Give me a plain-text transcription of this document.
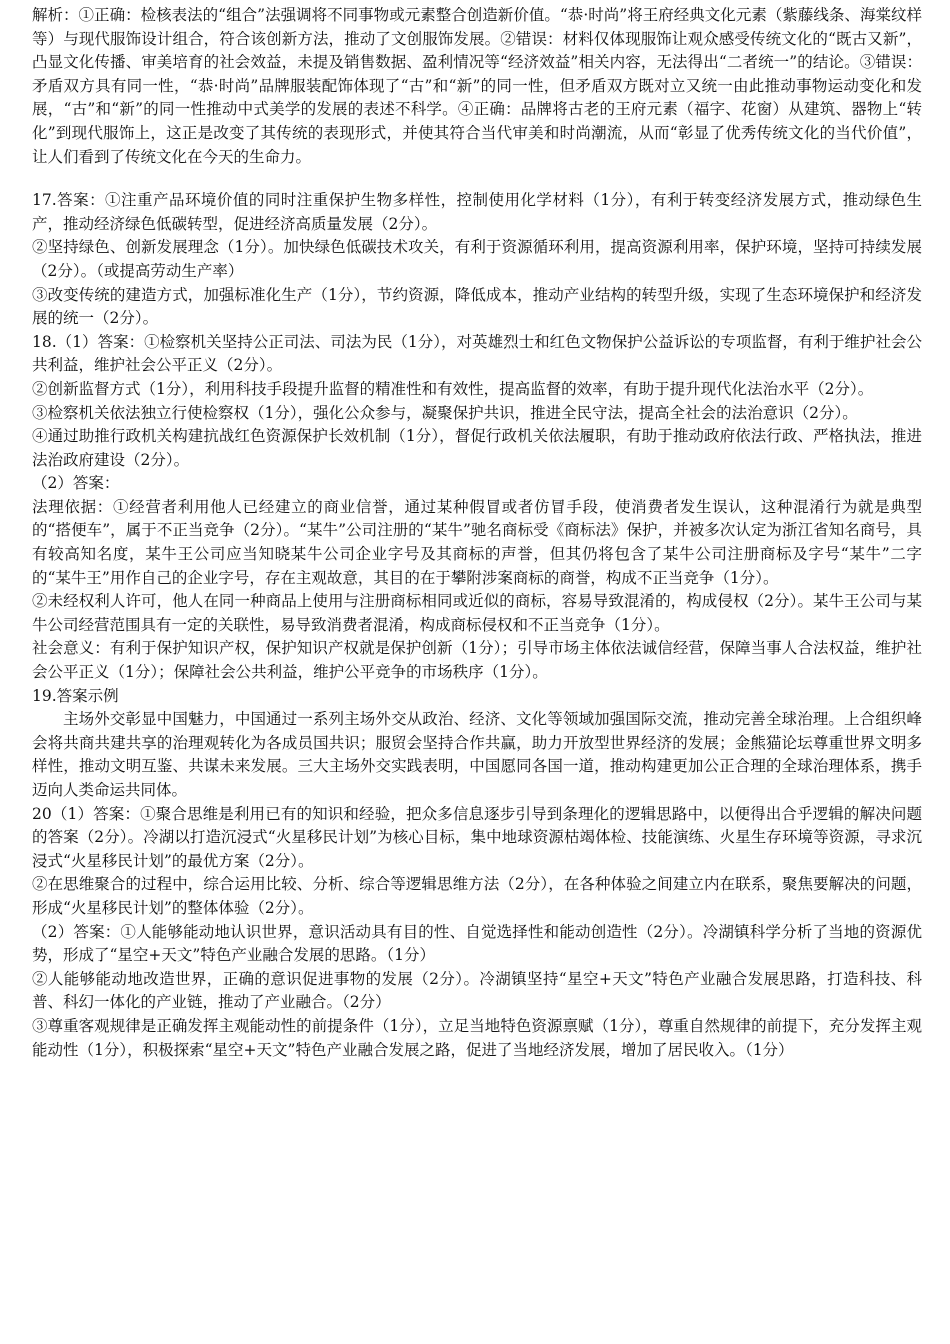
解析：①正确：检核表法的“组合”法强调将不同事物或元素整合创造新价值。“恭·时尚”将王府经典文化元素（紫藤线条、海棠纹样等）与现代服饰设计组合，符合该创新方法，推动了文创服饰发展。②错误：材料仅体现服饰让观众感受传统文化的“既古又新”，凸显文化传播、审美培育的社会效益，未提及销售数据、盈利情况等“经济效益”相关内容，无法得出“二者统一”的结论。③错误：矛盾双方具有同一性，“恭·时尚”品牌服装配饰体现了“古”和“新”的同一性，但矛盾双方既对立又统一由此推动事物运动变化和发展，“古”和“新”的同一性推动中式美学的发展的表述不科学。④正确：品牌将古老的王府元素（福字、花窗）从建筑、器物上“转化”到现代服饰上，这正是改变了其传统的表现形式，并使其符合当代审美和时尚潮流，从而“彰显了优秀传统文化的当代价值”，让人们看到了传统文化在今天的生命力。

17.答案：①注重产品环境价值的同时注重保护生物多样性，控制使用化学材料（1分），有利于转变经济发展方式，推动绿色生产，推动经济绿色低碳转型，促进经济高质量发展（2分）。

②坚持绿色、创新发展理念（1分）。加快绿色低碳技术攻关，有利于资源循环利用，提高资源利用率，保护环境，坚持可持续发展（2分）。（或提高劳动生产率）

③改变传统的建造方式，加强标准化生产（1分），节约资源，降低成本，推动产业结构的转型升级，实现了生态环境保护和经济发展的统一（2分）。

18.（1）答案：①检察机关坚持公正司法、司法为民（1分），对英雄烈士和红色文物保护公益诉讼的专项监督，有利于维护社会公共利益，维护社会公平正义（2分）。

②创新监督方式（1分），利用科技手段提升监督的精准性和有效性，提高监督的效率，有助于提升现代化法治水平（2分）。

③检察机关依法独立行使检察权（1分），强化公众参与，凝聚保护共识，推进全民守法，提高全社会的法治意识（2分）。

④通过助推行政机关构建抗战红色资源保护长效机制（1分），督促行政机关依法履职，有助于推动政府依法行政、严格执法，推进法治政府建设（2分）。

（2）答案：

法理依据：①经营者利用他人已经建立的商业信誉，通过某种假冒或者仿冒手段，使消费者发生误认，这种混淆行为就是典型的“搭便车”，属于不正当竞争（2分）。“某牛”公司注册的“某牛”驰名商标受《商标法》保护，并被多次认定为浙江省知名商号，具有较高知名度，某牛王公司应当知晓某牛公司企业字号及其商标的声誉，但其仍将包含了某牛公司注册商标及字号“某牛”二字的“某牛王”用作自己的企业字号，存在主观故意，其目的在于攀附涉案商标的商誉，构成不正当竞争（1分）。

②未经权利人许可，他人在同一种商品上使用与注册商标相同或近似的商标，容易导致混淆的，构成侵权（2分）。某牛王公司与某牛公司经营范围具有一定的关联性，易导致消费者混淆，构成商标侵权和不正当竞争（1分）。

社会意义：有利于保护知识产权，保护知识产权就是保护创新（1分）；引导市场主体依法诚信经营，保障当事人合法权益，维护社会公平正义（1分）；保障社会公共利益，维护公平竞争的市场秩序（1分）。

19.答案示例

主场外交彰显中国魅力，中国通过一系列主场外交从政治、经济、文化等领域加强国际交流，推动完善全球治理。上合组织峰会将共商共建共享的治理观转化为各成员国共识；服贸会坚持合作共赢，助力开放型世界经济的发展；金熊猫论坛尊重世界文明多样性，推动文明互鉴、共谋未来发展。三大主场外交实践表明，中国愿同各国一道，推动构建更加公正合理的全球治理体系，携手迈向人类命运共同体。

20（1）答案：①聚合思维是利用已有的知识和经验，把众多信息逐步引导到条理化的逻辑思路中，以便得出合乎逻辑的解决问题的答案（2分）。冷湖以打造沉浸式“火星移民计划”为核心目标，集中地球资源枯竭体检、技能演练、火星生存环境等资源，寻求沉浸式“火星移民计划”的最优方案（2分）。

②在思维聚合的过程中，综合运用比较、分析、综合等逻辑思维方法（2分），在各种体验之间建立内在联系，聚焦要解决的问题，形成“火星移民计划”的整体体验（2分）。

（2）答案：①人能够能动地认识世界，意识活动具有目的性、自觉选择性和能动创造性（2分）。冷湖镇科学分析了当地的资源优势，形成了“星空+天文”特色产业融合发展的思路。（1分）

②人能够能动地改造世界，正确的意识促进事物的发展（2分）。冷湖镇坚持“星空+天文”特色产业融合发展思路，打造科技、科普、科幻一体化的产业链，推动了产业融合。（2分）

③尊重客观规律是正确发挥主观能动性的前提条件（1分），立足当地特色资源禀赋（1分），尊重自然规律的前提下，充分发挥主观能动性（1分），积极探索“星空+天文”特色产业融合发展之路，促进了当地经济发展，增加了居民收入。（1分）
